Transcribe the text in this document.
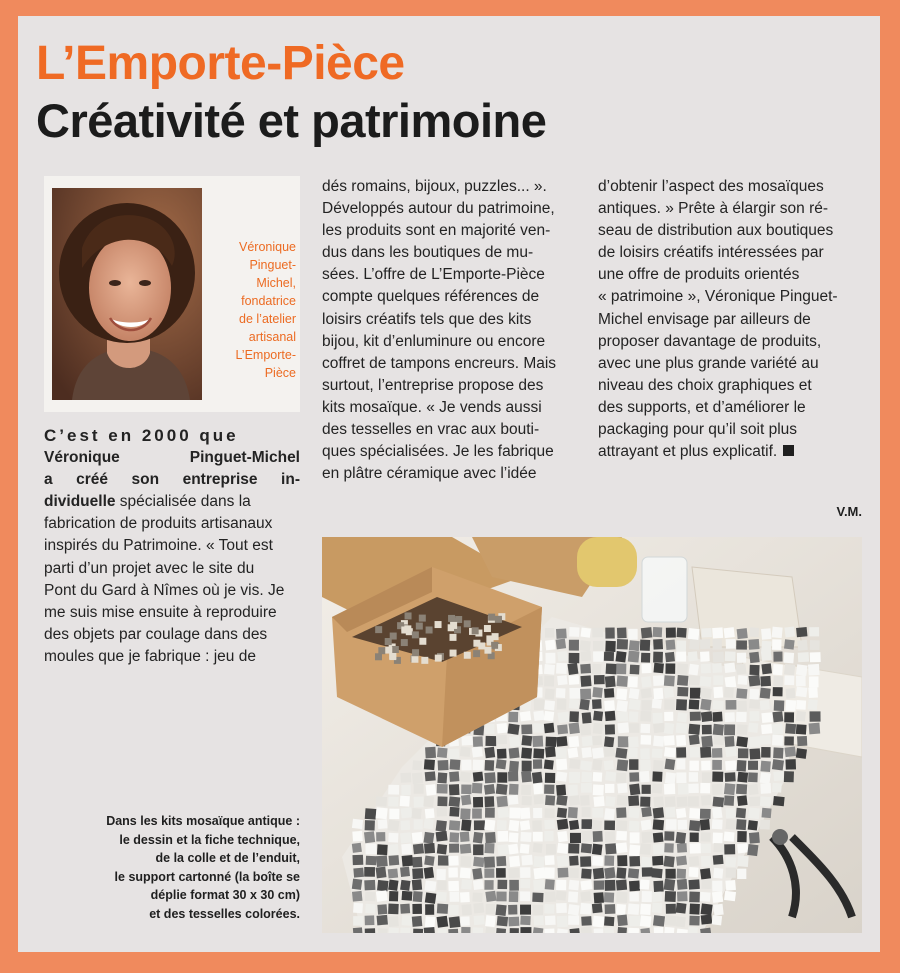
L’Emporte-Pièce
Créativité et patrimoine
Véronique
Pinguet-
Michel,
fondatrice
de l’atelier
artisanal
L’Emporte-
Pièce
C’est en 2000 que
Véronique Pinguet-Michel
a créé son entreprise in-
dividuelle spécialisée dans la
fabrication de produits artisanaux
inspirés du Patrimoine. « Tout est
parti d’un projet avec le site du
Pont du Gard à Nîmes où je vis. Je
me suis mise ensuite à reproduire
des objets par coulage dans des
moules que je fabrique : jeu de
dés romains, bijoux, puzzles... ».
Développés autour du patrimoine,
les produits sont en majorité ven-
dus dans les boutiques de mu-
sées. L’offre de L’Emporte-Pièce
compte quelques références de
loisirs créatifs tels que des kits
bijou, kit d’enluminure ou encore
coffret de tampons encreurs. Mais
surtout, l’entreprise propose des
kits mosaïque. « Je vends aussi
des tesselles en vrac aux bouti-
ques spécialisées. Je les fabrique
en plâtre céramique avec l’idée
d’obtenir l’aspect des mosaïques
antiques. » Prête à élargir son ré-
seau de distribution aux boutiques
de loisirs créatifs intéressées par
une offre de produits orientés
« patrimoine », Véronique Pinguet-
Michel envisage par ailleurs de
proposer davantage de produits,
avec une plus grande variété au
niveau des choix graphiques et
des supports, et d’améliorer le
packaging pour qu’il soit plus
attrayant et plus explicatif.
V.M.
Dans les kits mosaïque antique :
le dessin et la fiche technique,
de la colle et de l’enduit,
le support cartonné (la boîte se
déplie format 30 x 30 cm)
et des tesselles colorées.
